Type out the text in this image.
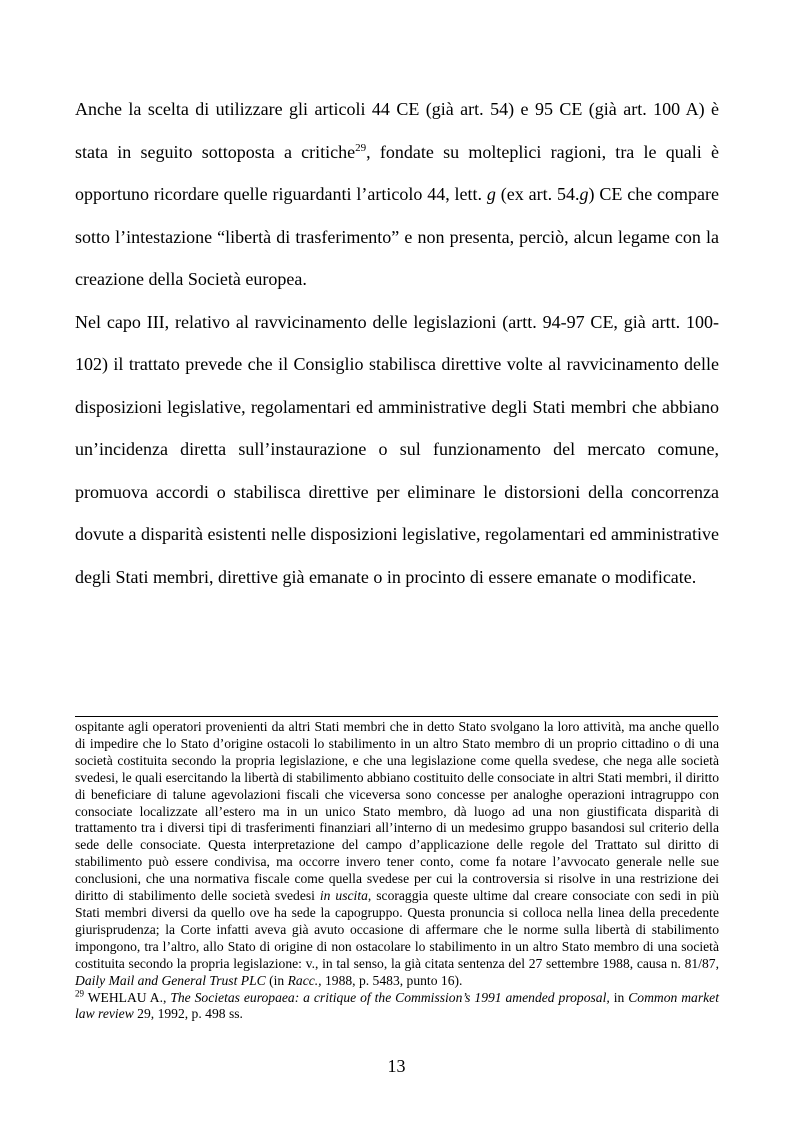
Anche la scelta di utilizzare gli articoli 44 CE (già art. 54) e 95 CE (già art. 100 A) è stata in seguito sottoposta a critiche$^{29}$, fondate su molteplici ragioni, tra le quali è opportuno ricordare quelle riguardanti l’articolo 44, lett. g (ex art. 54.g) CE che compare sotto l’intestazione “libertà di trasferimento” e non presenta, perciò, alcun legame con la creazione della Società europea.

Nel capo III, relativo al ravvicinamento delle legislazioni (artt. 94-97 CE, già artt. 100-102) il trattato prevede che il Consiglio stabilisca direttive volte al ravvicinamento delle disposizioni legislative, regolamentari ed amministrative degli Stati membri che abbiano un’incidenza diretta sull’instaurazione o sul funzionamento del mercato comune, promuova accordi o stabilisca direttive per eliminare le distorsioni della concorrenza dovute a disparità esistenti nelle disposizioni legislative, regolamentari ed amministrative degli Stati membri, direttive già emanate o in procinto di essere emanate o modificate.

ospitante agli operatori provenienti da altri Stati membri che in detto Stato svolgano la loro attività, ma anche quello di impedire che lo Stato d’origine ostacoli lo stabilimento in un altro Stato membro di un proprio cittadino o di una società costituita secondo la propria legislazione, e che una legislazione come quella svedese, che nega alle società svedesi, le quali esercitando la libertà di stabilimento abbiano costituito delle consociate in altri Stati membri, il diritto di beneficiare di talune agevolazioni fiscali che viceversa sono concesse per analoghe operazioni intragruppo con consociate localizzate all’estero ma in un unico Stato membro, dà luogo ad una non giustificata disparità di trattamento tra i diversi tipi di trasferimenti finanziari all’interno di un medesimo gruppo basandosi sul criterio della sede delle consociate. Questa interpretazione del campo d’applicazione delle regole del Trattato sul diritto di stabilimento può essere condivisa, ma occorre invero tener conto, come fa notare l’avvocato generale nelle sue conclusioni, che una normativa fiscale come quella svedese per cui la controversia si risolve in una restrizione dei diritto di stabilimento delle società svedesi in uscita, scoraggia queste ultime dal creare consociate con sedi in più Stati membri diversi da quello ove ha sede la capogruppo. Questa pronuncia si colloca nella linea della precedente giurisprudenza; la Corte infatti aveva già avuto occasione di affermare che le norme sulla libertà di stabilimento impongono, tra l’altro, allo Stato di origine di non ostacolare lo stabilimento in un altro Stato membro di una società costituita secondo la propria legislazione: v., in tal senso, la già citata sentenza del 27 settembre 1988, causa n. 81/87, Daily Mail and General Trust PLC (in Racc., 1988, p. 5483, punto 16).

$^{29}$ WEHLAU A., The Societas europaea: a critique of the Commission’s 1991 amended proposal, in Common market law review 29, 1992, p. 498 ss.

13
